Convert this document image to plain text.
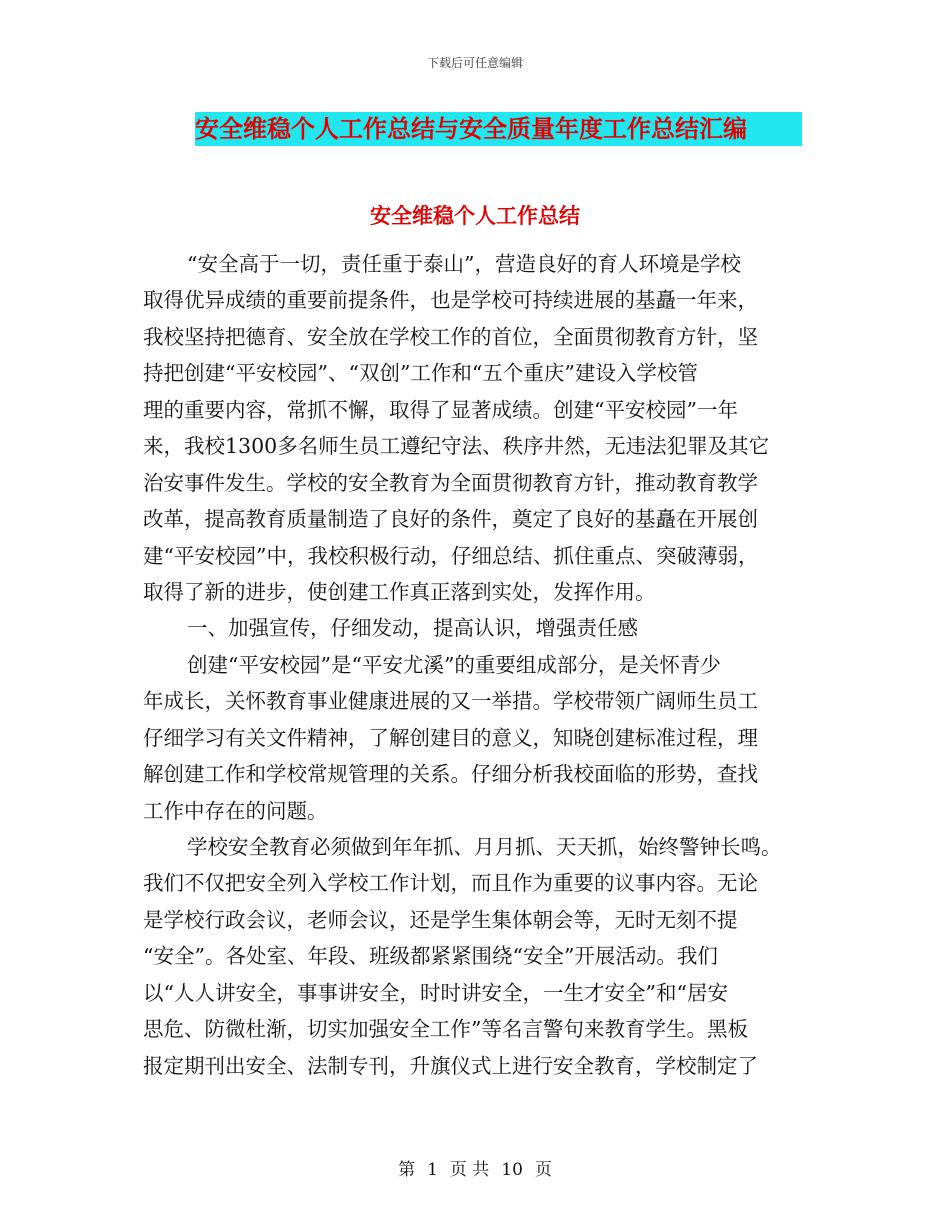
下载后可任意编辑
安全维稳个人工作总结与安全质量年度工作总结汇编
安全维稳个人工作总结
“安全高于一切，责任重于泰山”，营造良好的育人环境是学校
取得优异成绩的重要前提条件，也是学校可持续进展的基矗一年来，
我校坚持把德育、安全放在学校工作的首位，全面贯彻教育方针，坚
持把创建“平安校园”、“双创”工作和“五个重庆”建设入学校管
理的重要内容，常抓不懈，取得了显著成绩。创建“平安校园”一年
来，我校1300多名师生员工遵纪守法、秩序井然，无违法犯罪及其它
治安事件发生。学校的安全教育为全面贯彻教育方针，推动教育教学
改革，提高教育质量制造了良好的条件，奠定了良好的基矗在开展创
建“平安校园”中，我校积极行动，仔细总结、抓住重点、突破薄弱，
取得了新的进步，使创建工作真正落到实处，发挥作用。
一、加强宣传，仔细发动，提高认识，增强责任感
创建“平安校园”是“平安尤溪”的重要组成部分，是关怀青少
年成长，关怀教育事业健康进展的又一举措。学校带领广阔师生员工
仔细学习有关文件精神，了解创建目的意义，知晓创建标准过程，理
解创建工作和学校常规管理的关系。仔细分析我校面临的形势，查找
工作中存在的问题。
学校安全教育必须做到年年抓、月月抓、天天抓，始终警钟长鸣。
我们不仅把安全列入学校工作计划，而且作为重要的议事内容。无论
是学校行政会议，老师会议，还是学生集体朝会等，无时无刻不提
“安全”。各处室、年段、班级都紧紧围绕“安全”开展活动。我们
以“人人讲安全，事事讲安全，时时讲安全，一生才安全”和“居安
思危、防微杜渐，切实加强安全工作”等名言警句来教育学生。黑板
报定期刊出安全、法制专刊，升旗仪式上进行安全教育，学校制定了
第 1 页 共 10 页
